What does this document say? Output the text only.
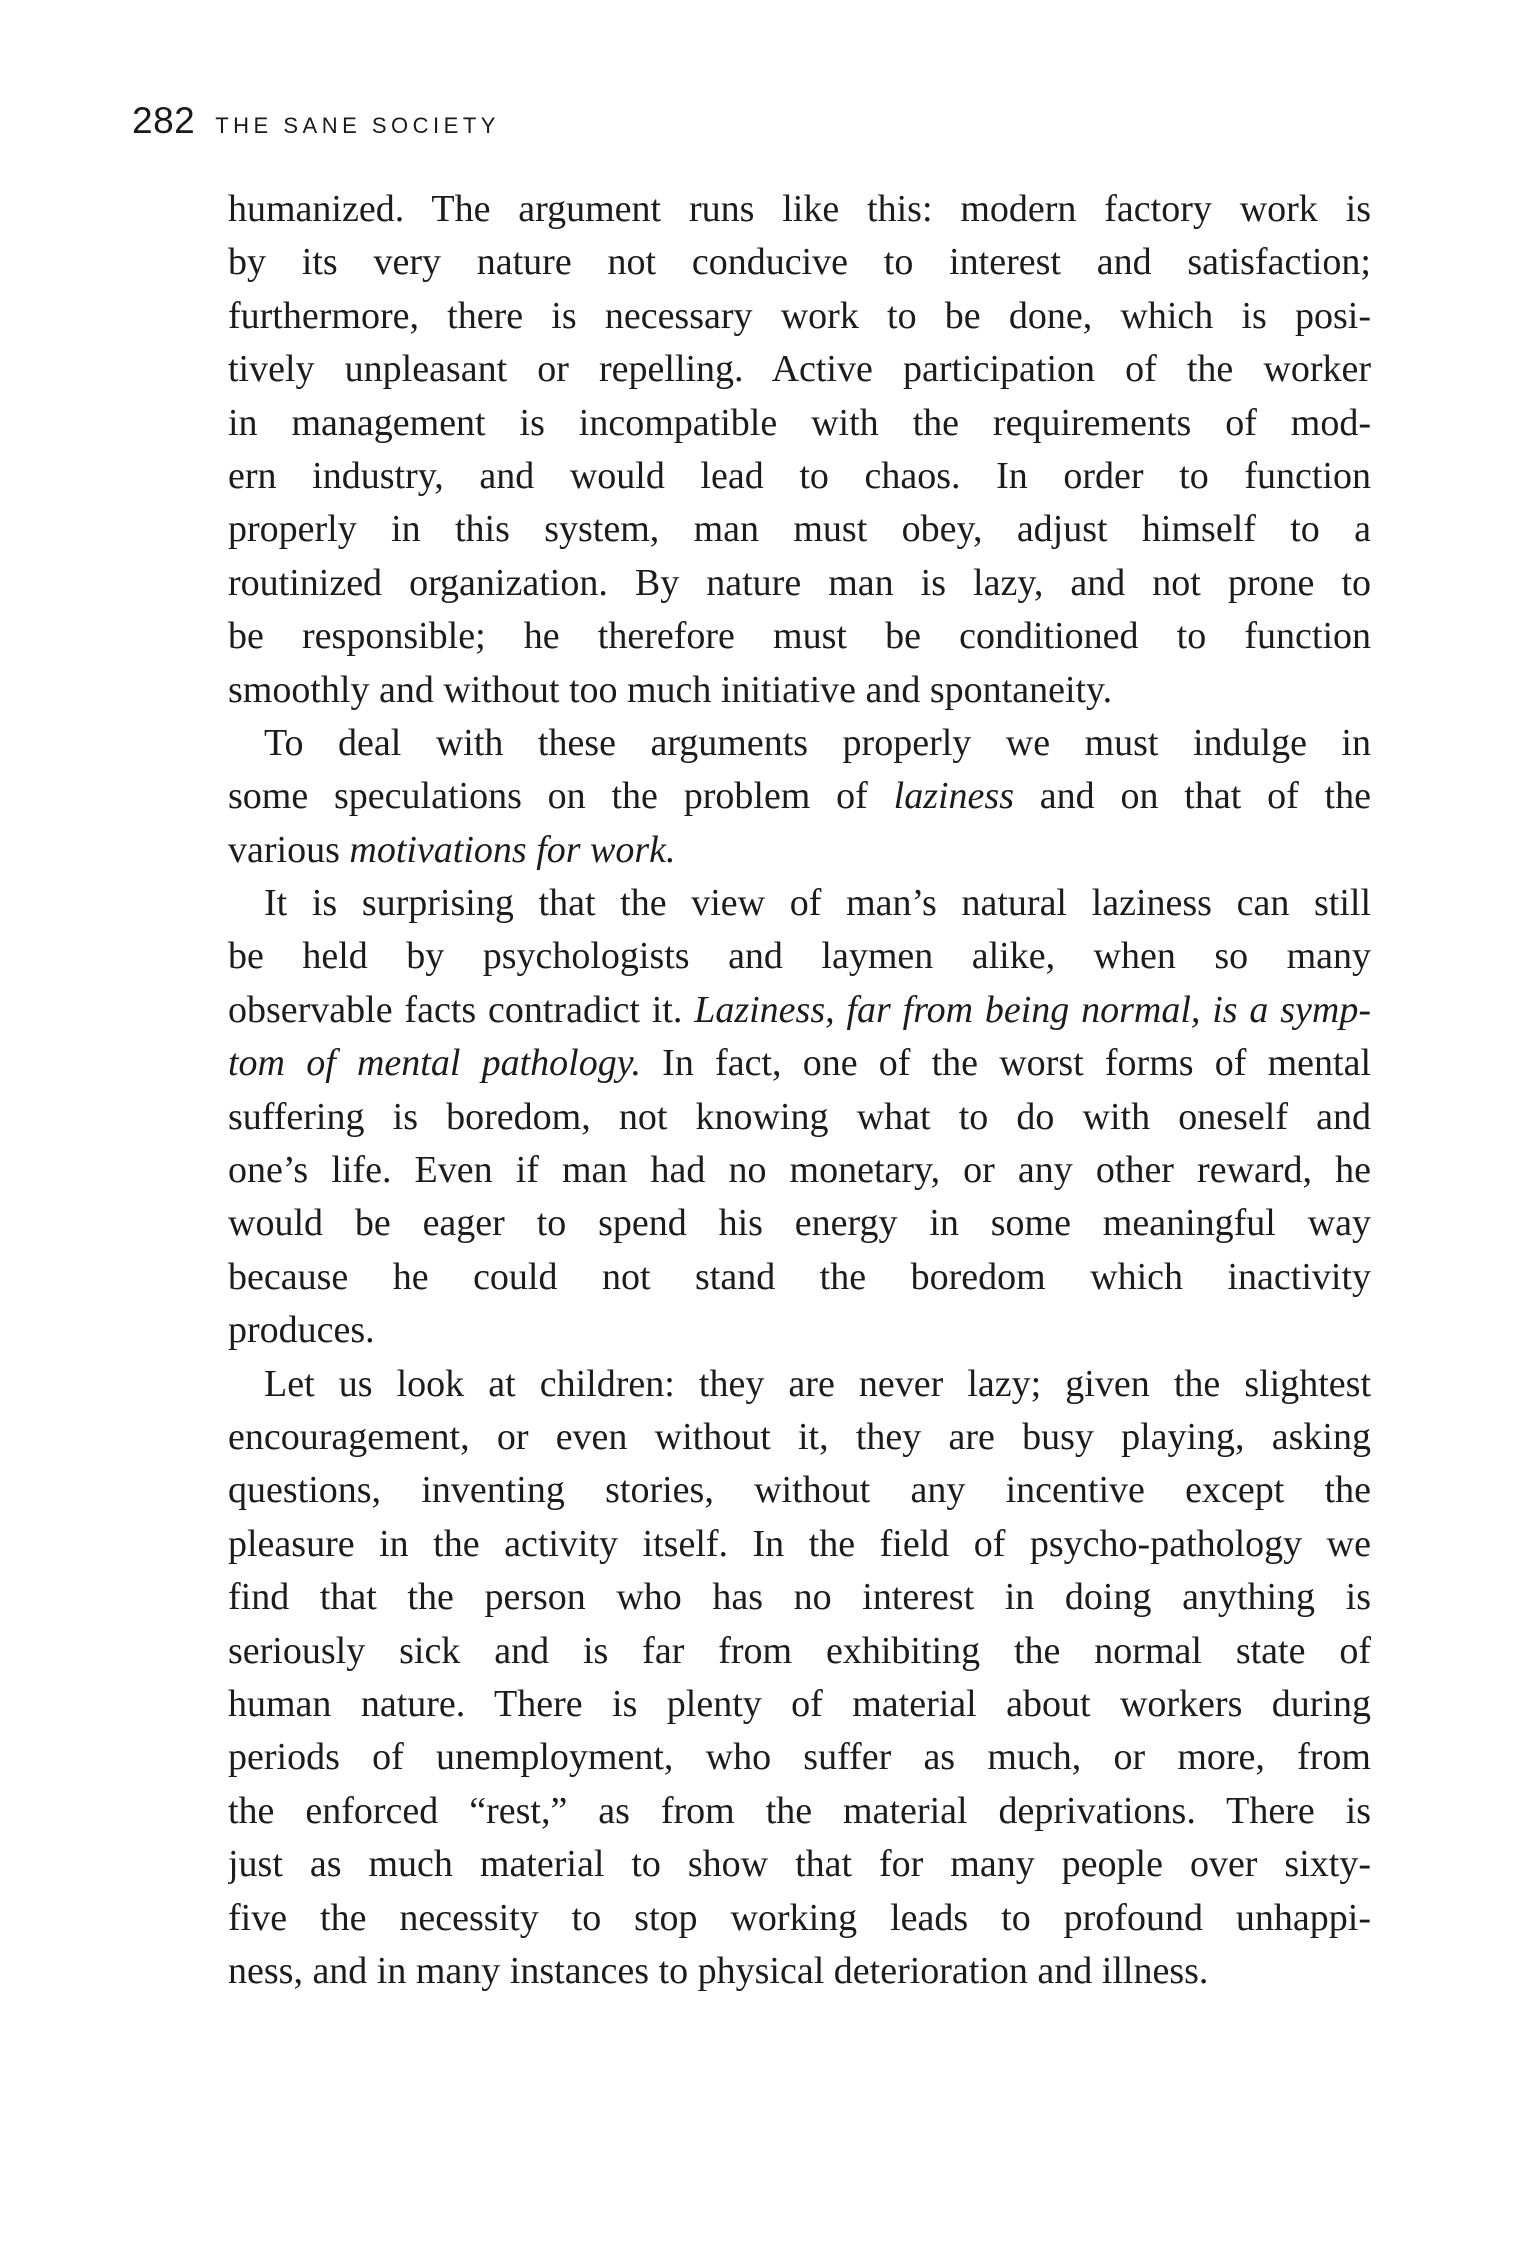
282 THE SANE SOCIETY
humanized. The argument runs like this: modern factory work is
by its very nature not conducive to interest and satisfaction;
furthermore, there is necessary work to be done, which is posi-
tively unpleasant or repelling. Active participation of the worker
in management is incompatible with the requirements of mod-
ern industry, and would lead to chaos. In order to function
properly in this system, man must obey, adjust himself to a
routinized organization. By nature man is lazy, and not prone to
be responsible; he therefore must be conditioned to function
smoothly and without too much initiative and spontaneity.
To deal with these arguments properly we must indulge in
some speculations on the problem of laziness and on that of the
various motivations for work.
It is surprising that the view of man’s natural laziness can still
be held by psychologists and laymen alike, when so many
observable facts contradict it. Laziness, far from being normal, is a symp-
tom of mental pathology. In fact, one of the worst forms of mental
suffering is boredom, not knowing what to do with oneself and
one’s life. Even if man had no monetary, or any other reward, he
would be eager to spend his energy in some meaningful way
because he could not stand the boredom which inactivity
produces.
Let us look at children: they are never lazy; given the slightest
encouragement, or even without it, they are busy playing, asking
questions, inventing stories, without any incentive except the
pleasure in the activity itself. In the field of psycho-pathology we
find that the person who has no interest in doing anything is
seriously sick and is far from exhibiting the normal state of
human nature. There is plenty of material about workers during
periods of unemployment, who suffer as much, or more, from
the enforced “rest,” as from the material deprivations. There is
just as much material to show that for many people over sixty-
five the necessity to stop working leads to profound unhappi-
ness, and in many instances to physical deterioration and illness.
